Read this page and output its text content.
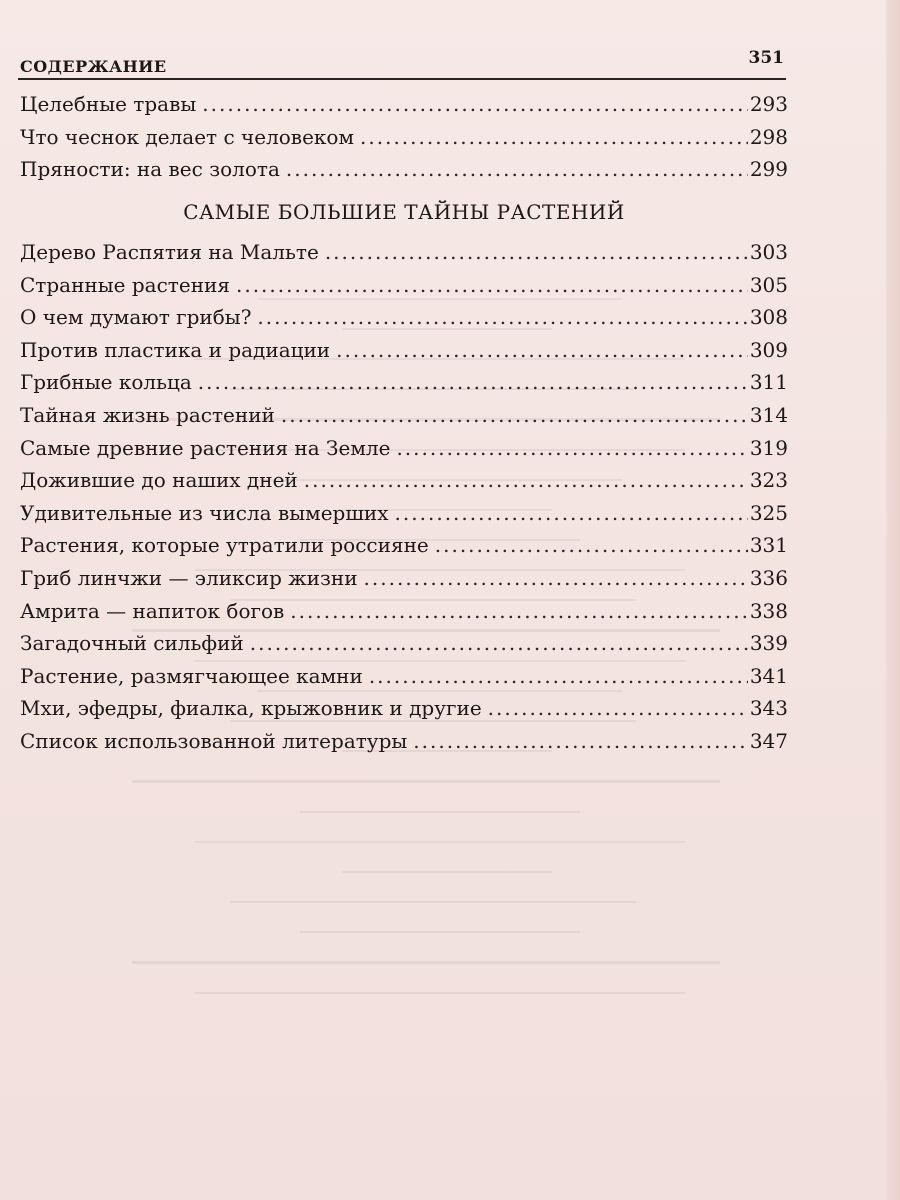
СОДЕРЖАНИЕ	351
Целебные травы .....	293
Что чеснок делает с человеком .....	298
Пряности: на вес золота .....	299
САМЫЕ БОЛЬШИЕ ТАЙНЫ РАСТЕНИЙ
Дерево Распятия на Мальте .....	303
Странные растения .....	305
О чем думают грибы? .....	308
Против пластика и радиации .....	309
Грибные кольца .....	311
Тайная жизнь растений .....	314
Самые древние растения на Земле .....	319
Дожившие до наших дней .....	323
Удивительные из числа вымерших .....	325
Растения, которые утратили россияне .....	331
Гриб линчжи — эликсир жизни .....	336
Амрита — напиток богов .....	338
Загадочный сильфий .....	339
Растение, размягчающее камни .....	341
Мхи, эфедры, фиалка, крыжовник и другие .....	343
Список использованной литературы .....	347
